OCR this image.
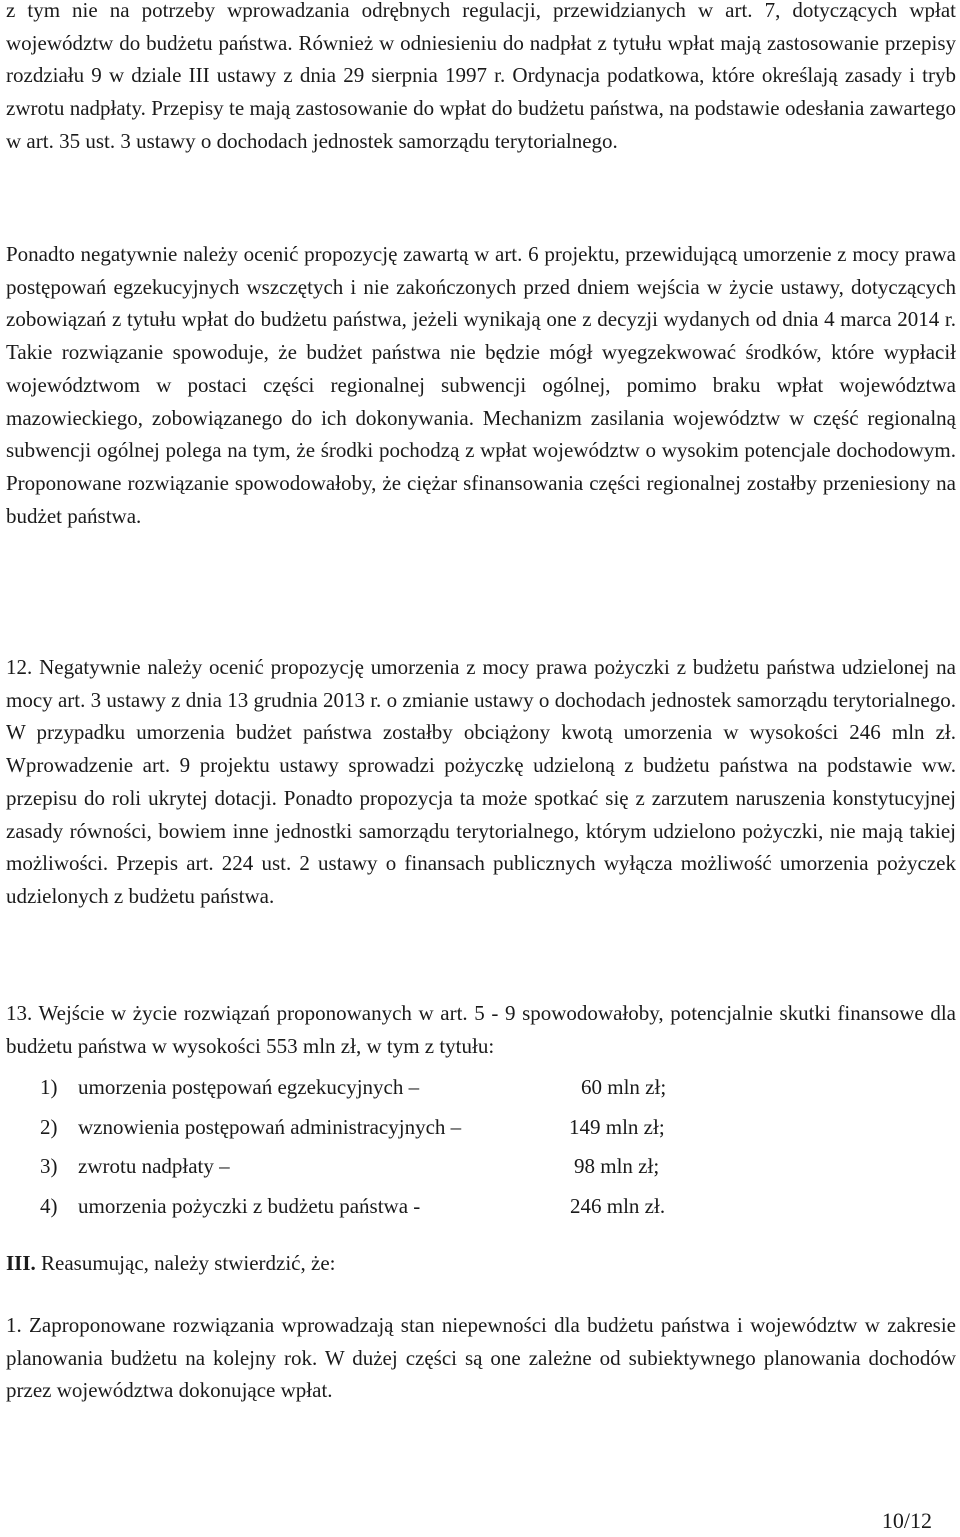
z tym nie na potrzeby wprowadzania odrębnych regulacji, przewidzianych w art. 7, dotyczących wpłat województw do budżetu państwa. Również w odniesieniu do nadpłat z tytułu wpłat mają zastosowanie przepisy rozdziału 9 w dziale III ustawy z dnia 29 sierpnia 1997 r. Ordynacja podatkowa, które określają zasady i tryb zwrotu nadpłaty. Przepisy te mają zastosowanie do wpłat do budżetu państwa, na podstawie odesłania zawartego w art. 35 ust. 3 ustawy o dochodach jednostek samorządu terytorialnego.

Ponadto negatywnie należy ocenić propozycję zawartą w art. 6 projektu, przewidującą umorzenie z mocy prawa postępowań egzekucyjnych wszczętych i nie zakończonych przed dniem wejścia w życie ustawy, dotyczących zobowiązań z tytułu wpłat do budżetu państwa, jeżeli wynikają one z decyzji wydanych od dnia 4 marca 2014 r. Takie rozwiązanie spowoduje, że budżet państwa nie będzie mógł wyegzekwować środków, które wypłacił województwom w postaci części regionalnej subwencji ogólnej, pomimo braku wpłat województwa mazowieckiego, zobowiązanego do ich dokonywania. Mechanizm zasilania województw w część regionalną subwencji ogólnej polega na tym, że środki pochodzą z wpłat województw o wysokim potencjale dochodowym. Proponowane rozwiązanie spowodowałoby, że ciężar sfinansowania części regionalnej zostałby przeniesiony na budżet państwa.

12. Negatywnie należy ocenić propozycję umorzenia z mocy prawa pożyczki z budżetu państwa udzielonej na mocy art. 3 ustawy z dnia 13 grudnia 2013 r. o zmianie ustawy o dochodach jednostek samorządu terytorialnego. W przypadku umorzenia budżet państwa zostałby obciążony kwotą umorzenia w wysokości 246 mln zł. Wprowadzenie art. 9 projektu ustawy sprowadzi pożyczkę udzieloną z budżetu państwa na podstawie ww. przepisu do roli ukrytej dotacji. Ponadto propozycja ta może spotkać się z zarzutem naruszenia konstytucyjnej zasady równości, bowiem inne jednostki samorządu terytorialnego, którym udzielono pożyczki, nie mają takiej możliwości. Przepis art. 224 ust. 2 ustawy o finansach publicznych wyłącza możliwość umorzenia pożyczek udzielonych z budżetu państwa.

13. Wejście w życie rozwiązań proponowanych w art. 5 - 9 spowodowałoby, potencjalnie skutki finansowe dla budżetu państwa w wysokości 553 mln zł, w tym z tytułu:

1) umorzenia postępowań egzekucyjnych –	60 mln zł;
2) wznowienia postępowań administracyjnych –	149 mln zł;
3) zwrotu nadpłaty –	98 mln zł;
4) umorzenia pożyczki z budżetu państwa -	246 mln zł.
III. Reasumując, należy stwierdzić, że:

1. Zaproponowane rozwiązania wprowadzają stan niepewności dla budżetu państwa i województw w zakresie planowania budżetu na kolejny rok. W dużej części są one zależne od subiektywnego planowania dochodów przez województwa dokonujące wpłat.

10/12
